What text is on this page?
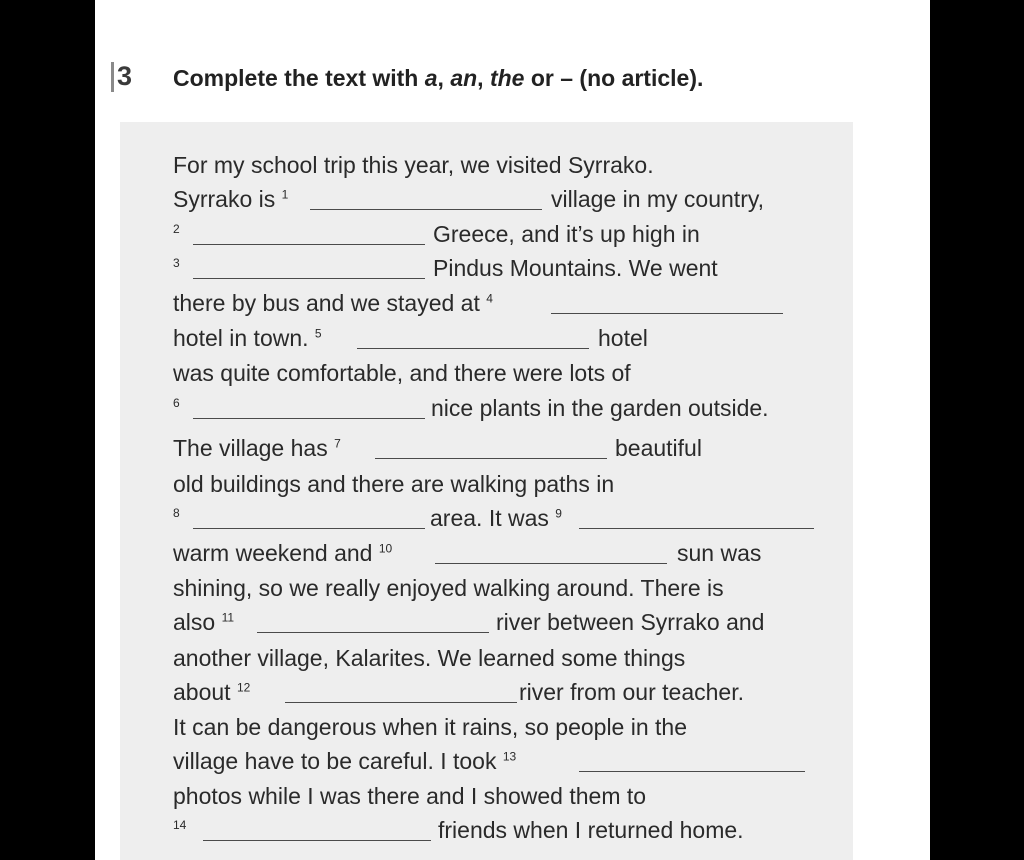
3 Complete the text with a, an, the or – (no article).
For my school trip this year, we visited Syrrako.
Syrrako is $^1$	village in my country,
2	Greece, and it’s up high in
3	Pindus Mountains. We went
there by bus and we stayed at $^4$
hotel in town. $^5$	hotel
was quite comfortable, and there were lots of
6	nice plants in the garden outside.
The village has $^7$	beautiful
old buildings and there are walking paths in
8	area. It was $^9$
warm weekend and $^{10}$	sun was
shining, so we really enjoyed walking around. There is
also $^{11}$	river between Syrrako and
another village, Kalarites. We learned some things
about $^{12}$	river from our teacher.
It can be dangerous when it rains, so people in the
village have to be careful. I took $^{13}$
photos while I was there and I showed them to
14	friends when I returned home.
